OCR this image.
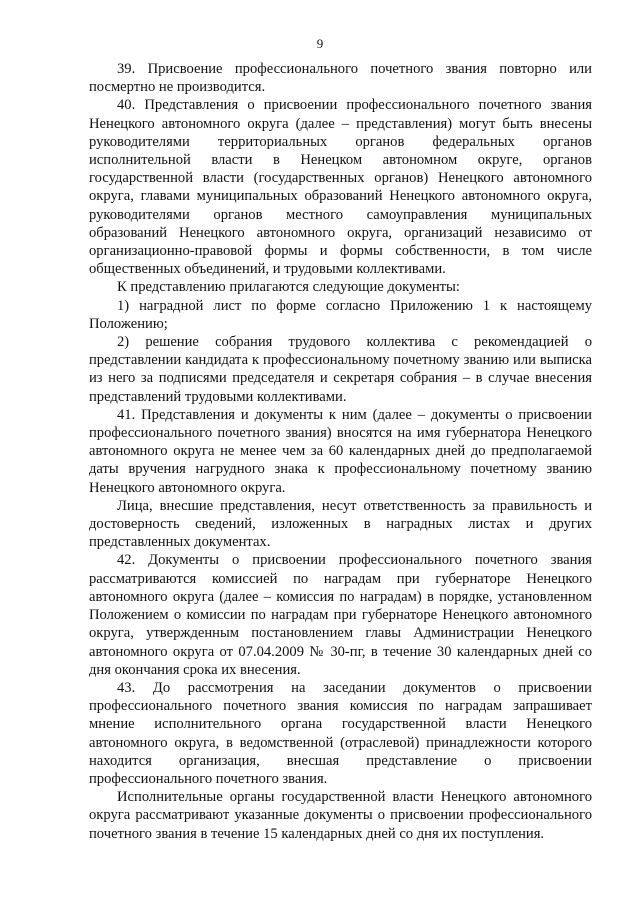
9

39. Присвоение профессионального почетного звания повторно или посмертно не производится.

40. Представления о присвоении профессионального почетного звания Ненецкого автономного округа (далее – представления) могут быть внесены руководителями территориальных органов федеральных органов исполнительной власти в Ненецком автономном округе, органов государственной власти (государственных органов) Ненецкого автономного округа, главами муниципальных образований Ненецкого автономного округа, руководителями органов местного самоуправления муниципальных образований Ненецкого автономного округа, организаций независимо от организационно-правовой формы и формы собственности, в том числе общественных объединений, и трудовыми коллективами.

К представлению прилагаются следующие документы:

1) наградной лист по форме согласно Приложению 1 к настоящему Положению;

2) решение собрания трудового коллектива с рекомендацией о представлении кандидата к профессиональному почетному званию или выписка из него за подписями председателя и секретаря собрания – в случае внесения представлений трудовыми коллективами.

41. Представления и документы к ним (далее – документы о присвоении профессионального почетного звания) вносятся на имя губернатора Ненецкого автономного округа не менее чем за 60 календарных дней до предполагаемой даты вручения нагрудного знака к профессиональному почетному званию Ненецкого автономного округа.

Лица, внесшие представления, несут ответственность за правильность и достоверность сведений, изложенных в наградных листах и других представленных документах.

42. Документы о присвоении профессионального почетного звания рассматриваются комиссией по наградам при губернаторе Ненецкого автономного округа (далее – комиссия по наградам) в порядке, установленном Положением о комиссии по наградам при губернаторе Ненецкого автономного округа, утвержденным постановлением главы Администрации Ненецкого автономного округа от 07.04.2009 № 30-пг, в течение 30 календарных дней со дня окончания срока их внесения.

43. До рассмотрения на заседании документов о присвоении профессионального почетного звания комиссия по наградам запрашивает мнение исполнительного органа государственной власти Ненецкого автономного округа, в ведомственной (отраслевой) принадлежности которого находится организация, внесшая представление о присвоении профессионального почетного звания.

Исполнительные органы государственной власти Ненецкого автономного округа рассматривают указанные документы о присвоении профессионального почетного звания в течение 15 календарных дней со дня их поступления.
